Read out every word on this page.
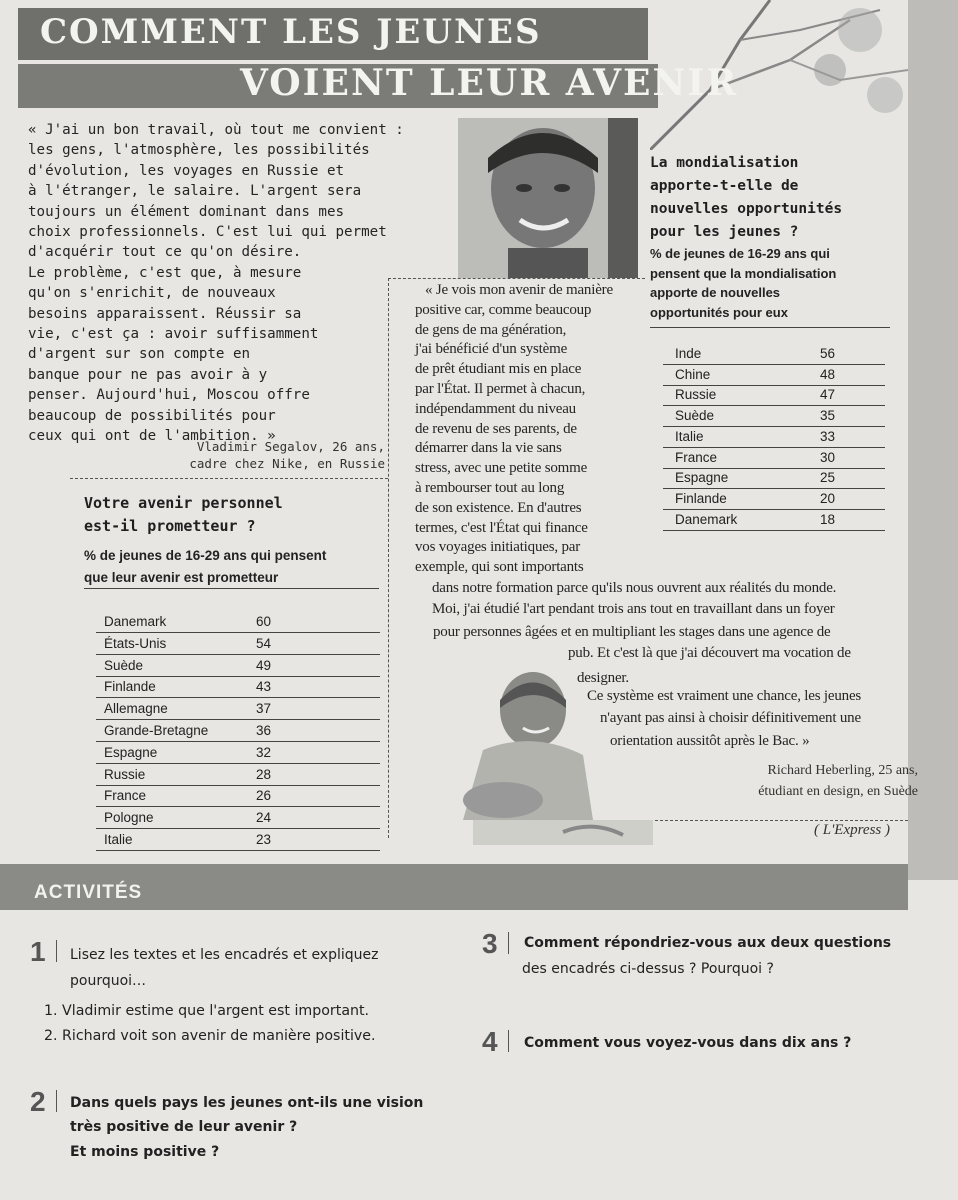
COMMENT LES JEUNES
VOIENT LEUR AVENIR
« J'ai un bon travail, où tout me convient :
les gens, l'atmosphère, les possibilités
d'évolution, les voyages en Russie et
à l'étranger, le salaire. L'argent sera
toujours un élément dominant dans mes
choix professionnels. C'est lui qui permet
d'acquérir tout ce qu'on désire.
Le problème, c'est que, à mesure
qu'on s'enrichit, de nouveaux
besoins apparaissent. Réussir sa
vie, c'est ça : avoir suffisamment
d'argent sur son compte en
banque pour ne pas avoir à y
penser. Aujourd'hui, Moscou offre
beaucoup de possibilités pour
ceux qui ont de l'ambition. »
Vladimir Segalov, 26 ans,
cadre chez Nike, en Russie
La mondialisation
apporte-t-elle de
nouvelles opportunités
pour les jeunes ?
% de jeunes de 16-29 ans qui
pensent que la mondialisation
apporte de nouvelles
opportunités pour eux
Inde	56
Chine	48
Russie	47
Suède	35
Italie	33
France	30
Espagne	25
Finlande	20
Danemark	18
« Je vois mon avenir de manière
positive car, comme beaucoup
de gens de ma génération,
j'ai bénéficié d'un système
de prêt étudiant mis en place
par l'État. Il permet à chacun,
indépendamment du niveau
de revenu de ses parents, de
démarrer dans la vie sans
stress, avec une petite somme
à rembourser tout au long
de son existence. En d'autres
termes, c'est l'État qui finance
vos voyages initiatiques, par
exemple, qui sont importants
dans notre formation parce qu'ils nous ouvrent aux réalités du monde.
Moi, j'ai étudié l'art pendant trois ans tout en travaillant dans un foyer
pour personnes âgées et en multipliant les stages dans une agence de
pub. Et c'est là que j'ai découvert ma vocation de
designer.
Ce système est vraiment une chance, les jeunes
n'ayant pas ainsi à choisir définitivement une
orientation aussitôt après le Bac. »
Richard Heberling, 25 ans,
étudiant en design, en Suède
( L'Express )
Votre avenir personnel
est-il prometteur ?
% de jeunes de 16-29 ans qui pensent
que leur avenir est prometteur
Danemark	60
États-Unis	54
Suède	49
Finlande	43
Allemagne	37
Grande-Bretagne	36
Espagne	32
Russie	28
France	26
Pologne	24
Italie	23
ACTIVITÉS
1 Lisez les textes et les encadrés et expliquez
pourquoi…
1. Vladimir estime que l'argent est important.
2. Richard voit son avenir de manière positive.
2 Dans quels pays les jeunes ont-ils une vision
très positive de leur avenir ?
Et moins positive ?
3 Comment répondriez-vous aux deux questions
des encadrés ci-dessus ? Pourquoi ?
4 Comment vous voyez-vous dans dix ans ?
